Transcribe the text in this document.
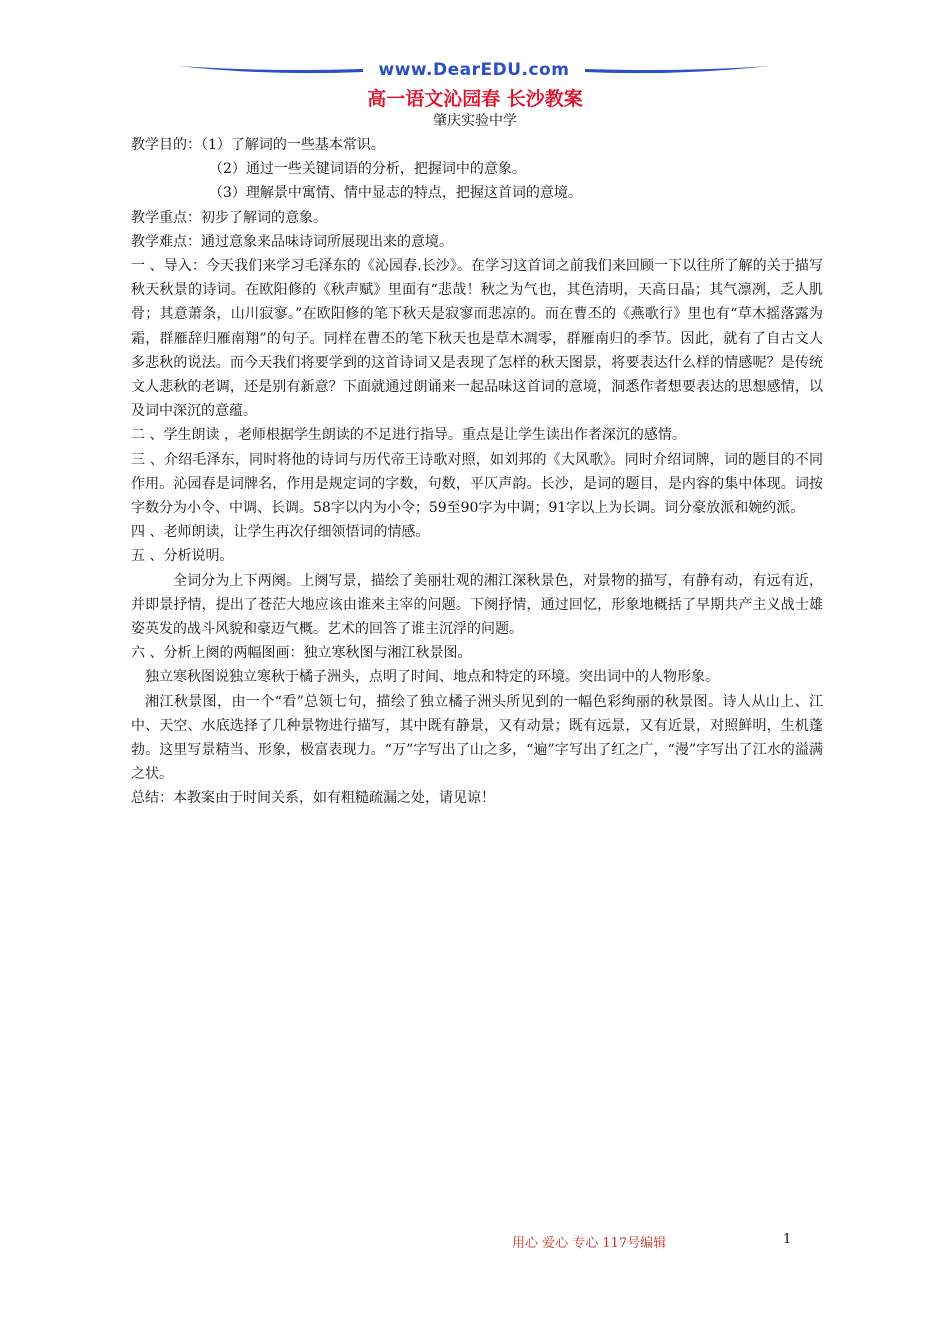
www.DearEDU.com
高一语文沁园春 长沙教案
肇庆实验中学

教学目的：（1）了解词的一些基本常识。

（2）通过一些关键词语的分析，把握词中的意象。

（3）理解景中寓情、情中显志的特点，把握这首词的意境。

教学重点：初步了解词的意象。

教学难点：通过意象来品味诗词所展现出来的意境。

一 、导入：今天我们来学习毛泽东的《沁园春.长沙》。在学习这首词之前我们来回顾一下以往所了解的关于描写秋天秋景的诗词。在欧阳修的《秋声赋》里面有“悲哉！秋之为气也，其色清明，天高日晶；其气凛冽，乏人肌骨；其意萧条，山川寂寥。”在欧阳修的笔下秋天是寂寥而悲凉的。而在曹丕的《燕歌行》里也有“草木摇落露为霜，群雁辞归雁南翔”的句子。同样在曹丕的笔下秋天也是草木凋零，群雁南归的季节。因此，就有了自古文人多悲秋的说法。而今天我们将要学到的这首诗词又是表现了怎样的秋天图景，将要表达什么样的情感呢？是传统文人悲秋的老调，还是别有新意？下面就通过朗诵来一起品味这首词的意境，洞悉作者想要表达的思想感情，以及词中深沉的意蕴。

二 、学生朗读 ，老师根据学生朗读的不足进行指导。重点是让学生读出作者深沉的感情。

三 、介绍毛泽东，同时将他的诗词与历代帝王诗歌对照，如刘邦的《大风歌》。同时介绍词牌，词的题目的不同作用。沁园春是词牌名，作用是规定词的字数，句数，平仄声韵。长沙，是词的题目，是内容的集中体现。词按字数分为小令、中调、长调。58字以内为小令；59至90字为中调；91字以上为长调。词分豪放派和婉约派。

四 、老师朗读，让学生再次仔细领悟词的情感。

五 、分析说明。

全词分为上下两阕。上阕写景，描绘了美丽壮观的湘江深秋景色，对景物的描写，有静有动，有远有近，并即景抒情，提出了苍茫大地应该由谁来主宰的问题。下阕抒情，通过回忆，形象地概括了早期共产主义战士雄姿英发的战斗风貌和豪迈气概。艺术的回答了谁主沉浮的问题。

六 、分析上阕的两幅图画：独立寒秋图与湘江秋景图。

独立寒秋图说独立寒秋于橘子洲头，点明了时间、地点和特定的环境。突出词中的人物形象。

湘江秋景图，由一个“看”总领七句，描绘了独立橘子洲头所见到的一幅色彩绚丽的秋景图。诗人从山上、江中、天空、水底选择了几种景物进行描写，其中既有静景，又有动景；既有远景，又有近景，对照鲜明，生机蓬勃。这里写景精当、形象，极富表现力。“万”字写出了山之多，“遍”字写出了红之广，“漫”字写出了江水的溢满之状。

总结：本教案由于时间关系，如有粗糙疏漏之处，请见谅！

用心 爱心 专心 117号编辑	1
